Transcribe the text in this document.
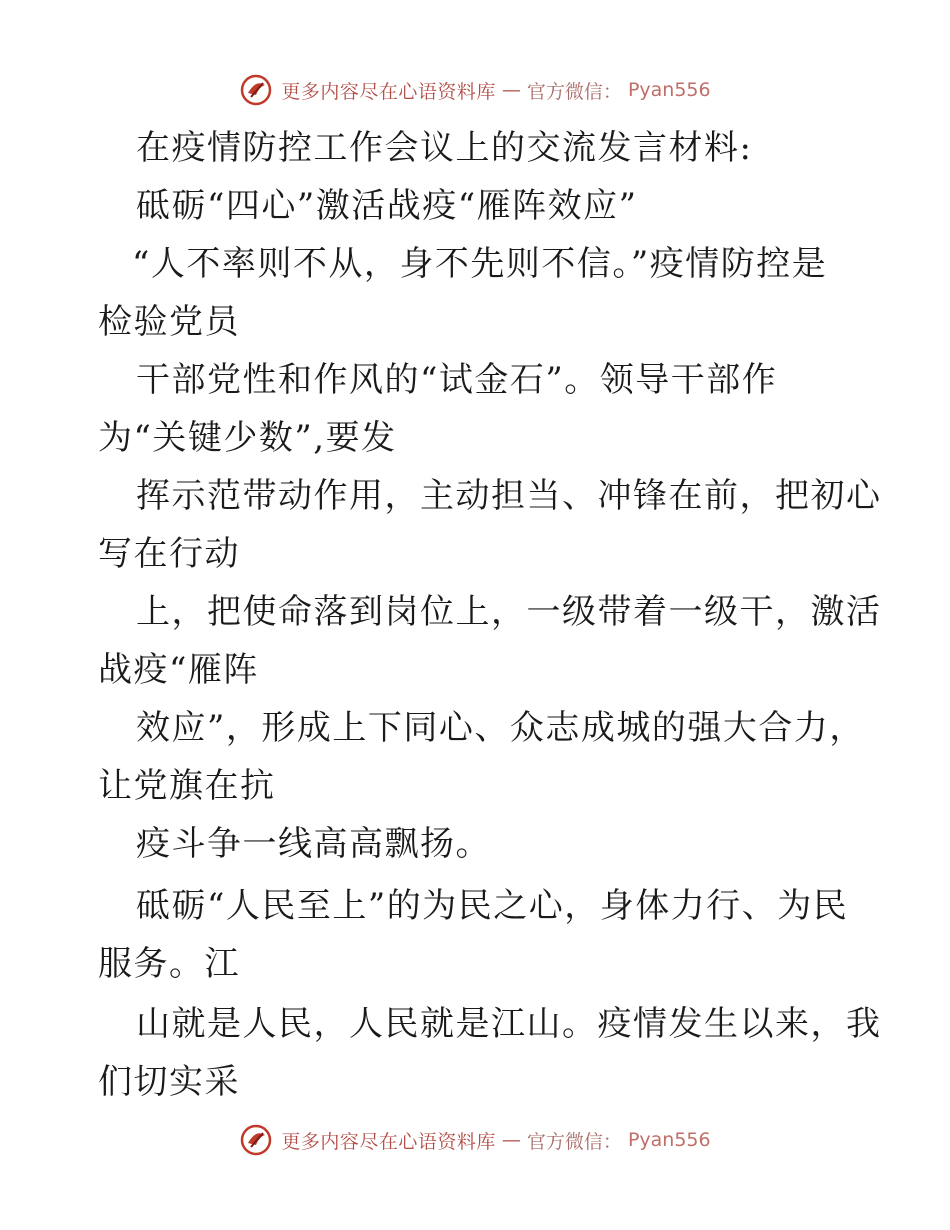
更多内容尽在心语资料库 — 官方微信： Pyan556
在疫情防控工作会议上的交流发言材料:
砥砺“四心”激活战疫“雁阵效应”
“人不率则不从，身不先则不信。”疫情防控是
检验党员
干部党性和作风的“试金石”。领导干部作
为“关键少数”,要发
挥示范带动作用，主动担当、冲锋在前，把初心
写在行动
上，把使命落到岗位上，一级带着一级干，激活
战疫“雁阵
效应”，形成上下同心、众志成城的强大合力，
让党旗在抗
疫斗争一线高高飘扬。
砥砺“人民至上”的为民之心，身体力行、为民
服务。江
山就是人民，人民就是江山。疫情发生以来，我
们切实采
更多内容尽在心语资料库 — 官方微信： Pyan556
